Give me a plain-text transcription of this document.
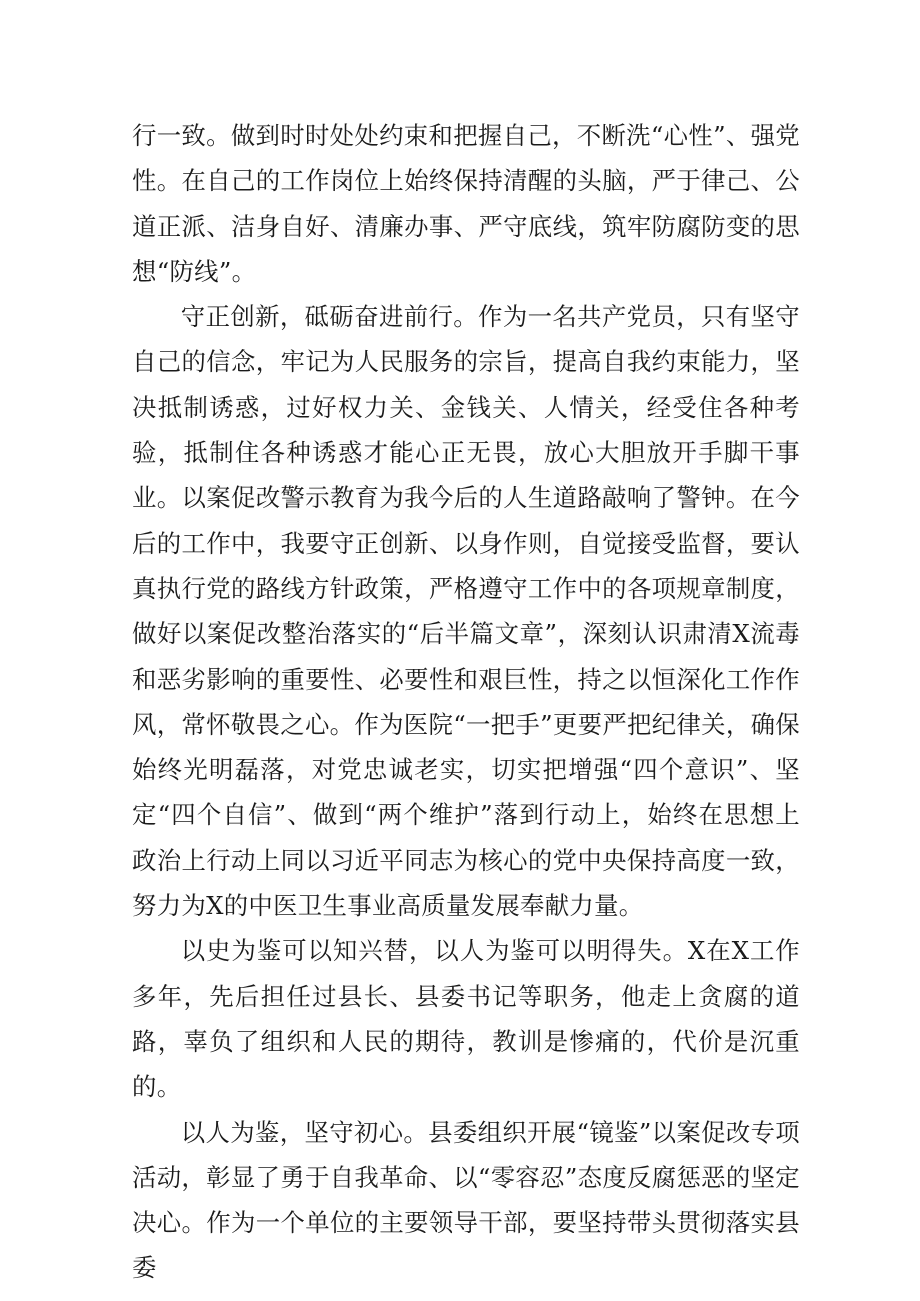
行一致。做到时时处处约束和把握自己，不断洗“心性”、强党性。在自己的工作岗位上始终保持清醒的头脑，严于律己、公道正派、洁身自好、清廉办事、严守底线，筑牢防腐防变的思想“防线”。

守正创新，砥砺奋进前行。作为一名共产党员，只有坚守自己的信念，牢记为人民服务的宗旨，提高自我约束能力，坚决抵制诱惑，过好权力关、金钱关、人情关，经受住各种考验，抵制住各种诱惑才能心正无畏，放心大胆放开手脚干事业。以案促改警示教育为我今后的人生道路敲响了警钟。在今后的工作中，我要守正创新、以身作则，自觉接受监督，要认真执行党的路线方针政策，严格遵守工作中的各项规章制度，做好以案促改整治落实的“后半篇文章”，深刻认识肃清X流毒和恶劣影响的重要性、必要性和艰巨性，持之以恒深化工作作风，常怀敬畏之心。作为医院“一把手”更要严把纪律关，确保始终光明磊落，对党忠诚老实，切实把增强“四个意识”、坚定“四个自信”、做到“两个维护”落到行动上，始终在思想上政治上行动上同以习近平同志为核心的党中央保持高度一致，努力为X的中医卫生事业高质量发展奉献力量。

以史为鉴可以知兴替，以人为鉴可以明得失。X在X工作多年，先后担任过县长、县委书记等职务，他走上贪腐的道路，辜负了组织和人民的期待，教训是惨痛的，代价是沉重的。

以人为鉴，坚守初心。县委组织开展“镜鉴”以案促改专项活动，彰显了勇于自我革命、以“零容忍”态度反腐惩恶的坚定决心。作为一个单位的主要领导干部，要坚持带头贯彻落实县委
